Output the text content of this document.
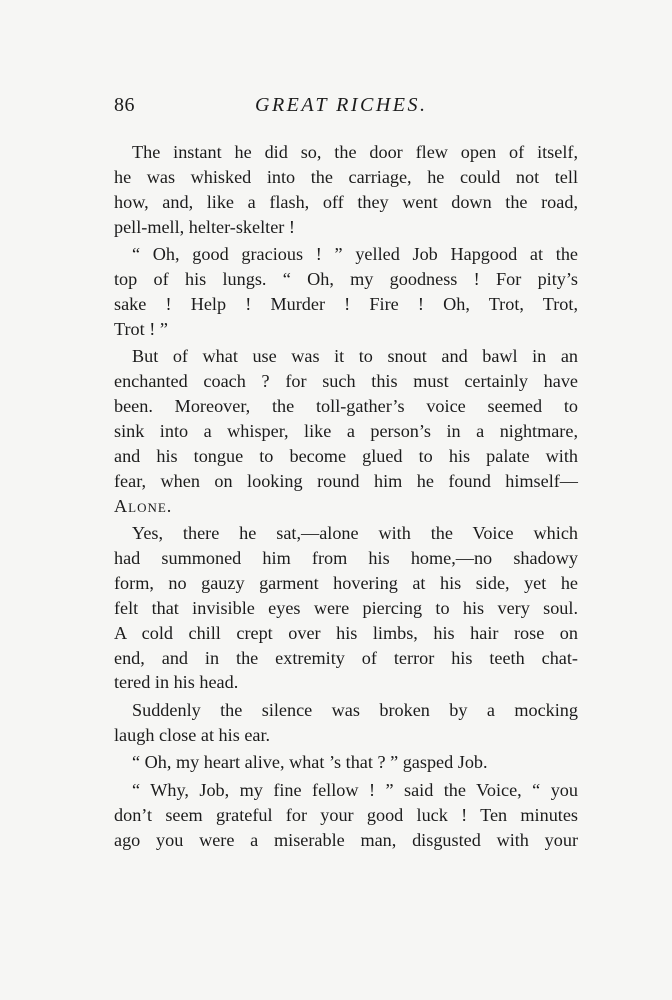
86	GREAT RICHES.
The instant he did so, the door flew open of itself,
he was whisked into the carriage, he could not tell
how, and, like a flash, off they went down the road,
pell-mell, helter-skelter !
“ Oh, good gracious ! ” yelled Job Hapgood at the
top of his lungs. “ Oh, my goodness ! For pity’s
sake ! Help ! Murder ! Fire ! Oh, Trot, Trot,
Trot ! ”
But of what use was it to snout and bawl in an
enchanted coach ? for such this must certainly have
been. Moreover, the toll-gather’s voice seemed to
sink into a whisper, like a person’s in a nightmare,
and his tongue to become glued to his palate with
fear, when on looking round him he found himself—
Alone.
Yes, there he sat,—alone with the Voice which
had summoned him from his home,—no shadowy
form, no gauzy garment hovering at his side, yet he
felt that invisible eyes were piercing to his very soul.
A cold chill crept over his limbs, his hair rose on
end, and in the extremity of terror his teeth chat-
tered in his head.
Suddenly the silence was broken by a mocking
laugh close at his ear.
“ Oh, my heart alive, what ’s that ? ” gasped Job.
“ Why, Job, my fine fellow ! ” said the Voice, “ you
don’t seem grateful for your good luck ! Ten minutes
ago you were a miserable man, disgusted with your
